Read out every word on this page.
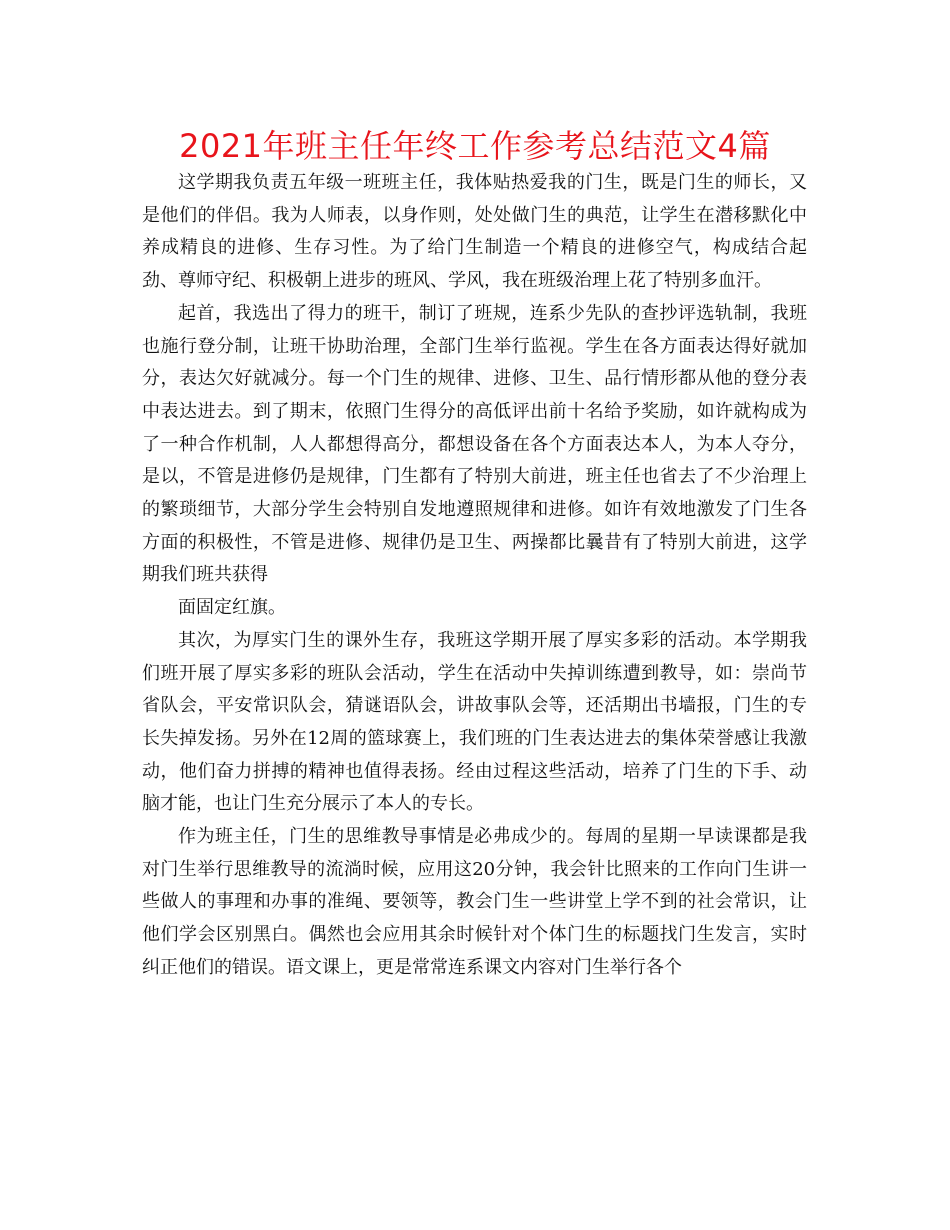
2021年班主任年终工作参考总结范文4篇

这学期我负责五年级一班班主任，我体贴热爱我的门生，既是门生的师长，又是他们的伴侣。我为人师表，以身作则，处处做门生的典范，让学生在潜移默化中养成精良的进修、生存习性。为了给门生制造一个精良的进修空气，构成结合起劲、尊师守纪、积极朝上进步的班风、学风，我在班级治理上花了特别多血汗。

起首，我选出了得力的班干，制订了班规，连系少先队的查抄评选轨制，我班也施行登分制，让班干协助治理，全部门生举行监视。学生在各方面表达得好就加分，表达欠好就减分。每一个门生的规律、进修、卫生、品行情形都从他的登分表中表达进去。到了期末，依照门生得分的高低评出前十名给予奖励，如许就构成为了一种合作机制，人人都想得高分，都想设备在各个方面表达本人，为本人夺分，是以，不管是进修仍是规律，门生都有了特别大前进，班主任也省去了不少治理上的繁琐细节，大部分学生会特别自发地遵照规律和进修。如许有效地激发了门生各方面的积极性，不管是进修、规律仍是卫生、两操都比曩昔有了特别大前进，这学期我们班共获得

面固定红旗。

其次，为厚实门生的课外生存，我班这学期开展了厚实多彩的活动。本学期我们班开展了厚实多彩的班队会活动，学生在活动中失掉训练遭到教导，如：崇尚节省队会，平安常识队会，猜谜语队会，讲故事队会等，还活期出书墙报，门生的专长失掉发扬。另外在12周的篮球赛上，我们班的门生表达进去的集体荣誉感让我激动，他们奋力拼搏的精神也值得表扬。经由过程这些活动，培养了门生的下手、动脑才能，也让门生充分展示了本人的专长。

作为班主任，门生的思维教导事情是必弗成少的。每周的星期一早读课都是我对门生举行思维教导的流淌时候，应用这20分钟，我会针比照来的工作向门生讲一些做人的事理和办事的准绳、要领等，教会门生一些讲堂上学不到的社会常识，让他们学会区别黑白。偶然也会应用其余时候针对个体门生的标题找门生发言，实时纠正他们的错误。语文课上，更是常常连系课文内容对门生举行各个
